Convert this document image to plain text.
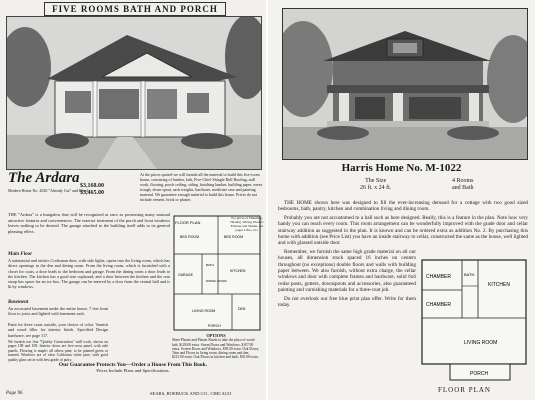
FIVE ROOMS BATH AND PORCH
The Ardara
Modern Home No. 2028 "Already Cut" and Fitted
$3,168.00
$3,465.00
At the prices quoted we will furnish all the material to build this five-room house, consisting of lumber, lath, Five-Chief Shingle Roll Roofing, mill work, flooring, porch ceiling, siding, finishing lumber, building paper, eaves trough, down spout, sash weights, hardware, medicine case and painting material. We guarantee enough material to build this house. Prices do not include cement, brick or plaster.
THE "Ardara" is a bungalow that will be recognized at once as possessing many unusual attractive features and conveniences. The exterior treatment of the porch and front windows leaves nothing to be desired. The garage attached to the building itself adds to its general pleasing effect.
Main Floor
A substantial and artistic Craftsman door, with side lights, opens into the living room, which has direct openings to the den and dining room. From the living room, which is furnished with a closet for coats, a door leads to the bedroom and garage. From the dining room a door leads to the kitchen. The kitchen has a good size cupboard, and a door between the kitchen and the rear stoop has space for an ice box. The garage can be entered by a door from the central hall and is lit by windows.
Basement
An excavated basement under the entire house, 7 feet from floor to joists and lighted with basement sash.
Paint for three coats outside, your choice of color. Varnish and wood filler for interior finish. Specified Design hardware, see page 117.
We furnish our first "Quality Construction" mill work, shown on pages 108 and 109. Interior doors are five-cross panel, with side panels. Flooring is maple; all others pine; to be painted green or stained. Windows are of clear California white pine, with good quality glass set in with best grade of putty.
FLOOR PLAN
BED ROOM	BED ROOM
KITCHEN
BATH
DINING ROOM
GARAGE
LIVING ROOM	DEN
PORCH
OPTIONS
Sheet Plaster and Plaster Finish to take the place of wood lath, $128.00 extra. Storm Doors and Windows, $107.00 extra. Screen Doors and Windows, $58.00 extra. Oak Doors, Trim and Floors in living room, dining room and den, $213.00 extra. Oak Floors in kitchen and bath, $35.00 extra.
For prices of Plumbing, Heating, Wiring, Electric Fixtures and Shades, see pages 118 to 121.
Our Guarantee Protects You—Order a House From This Book.
Prices Include Plans and Specifications.
Page 96	SEARS, ROEBUCK AND CO., CHICAGO
Harris Home No. M-1022
The Size
26 ft. x 24 ft.
4 Rooms
and Bath

THE HOME shown here was designed to fill the ever-increasing demand for a cottage with two good sized bedrooms, bath, pantry, kitchen and combination living and dining room.

Probably you are not accustomed to a hall such as here designed. Really, this is a feature in the plan. Note how very handy you can reach every room. This room arrangement can be wonderfully improved with the grade door and cellar stairway addition as suggested in the plan. It is known and can be ordered extra as addition No. 2. By purchasing this home with addition (see Price List) you have an inside stairway to cellar, constructed the same as the house, well lighted and with glassed outside door.

Remember, we furnish the same high grade material on all our houses, all dimension stock spaced 16 inches on centers throughout (no exceptions) double floors and walls with building paper between. We also furnish, without extra charge, the cellar windows and door with complete frames and hardware, solid 6x6 cedar posts, gutters, downspouts and accessories, also guaranteed painting and varnishing materials for a three-coat job.

Do not overlook our free blue print plan offer. Write for them today.

CHAMBER	BATH
KITCHEN
CHAMBER
LIVING ROOM
PORCH
FLOOR PLAN
